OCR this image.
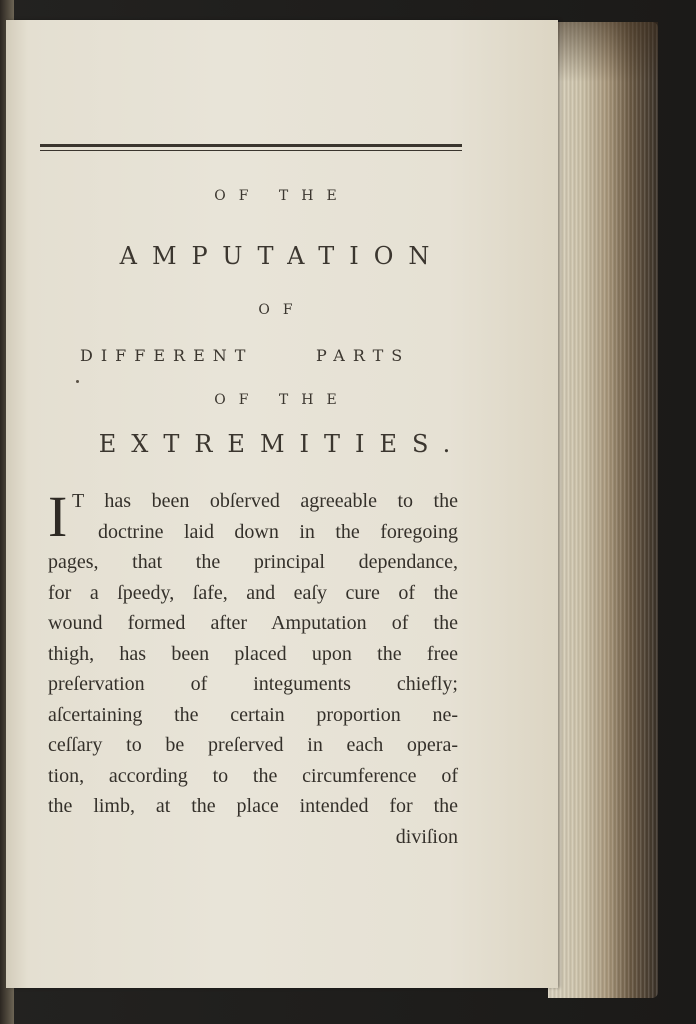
OF THE
AMPUTATION
OF
DIFFERENT	PARTS
OF THE
EXTREMITIES.
I T has been obſerved agreeable to the
doctrine laid down in the foregoing
pages, that the principal dependance,
for a ſpeedy, ſafe, and eaſy cure of the
wound formed after Amputation of the
thigh, has been placed upon the free
preſervation of integuments chiefly;
aſcertaining the certain proportion ne-
ceſſary to be preſerved in each opera-
tion, according to the circumference of
the limb, at the place intended for the
diviſion
